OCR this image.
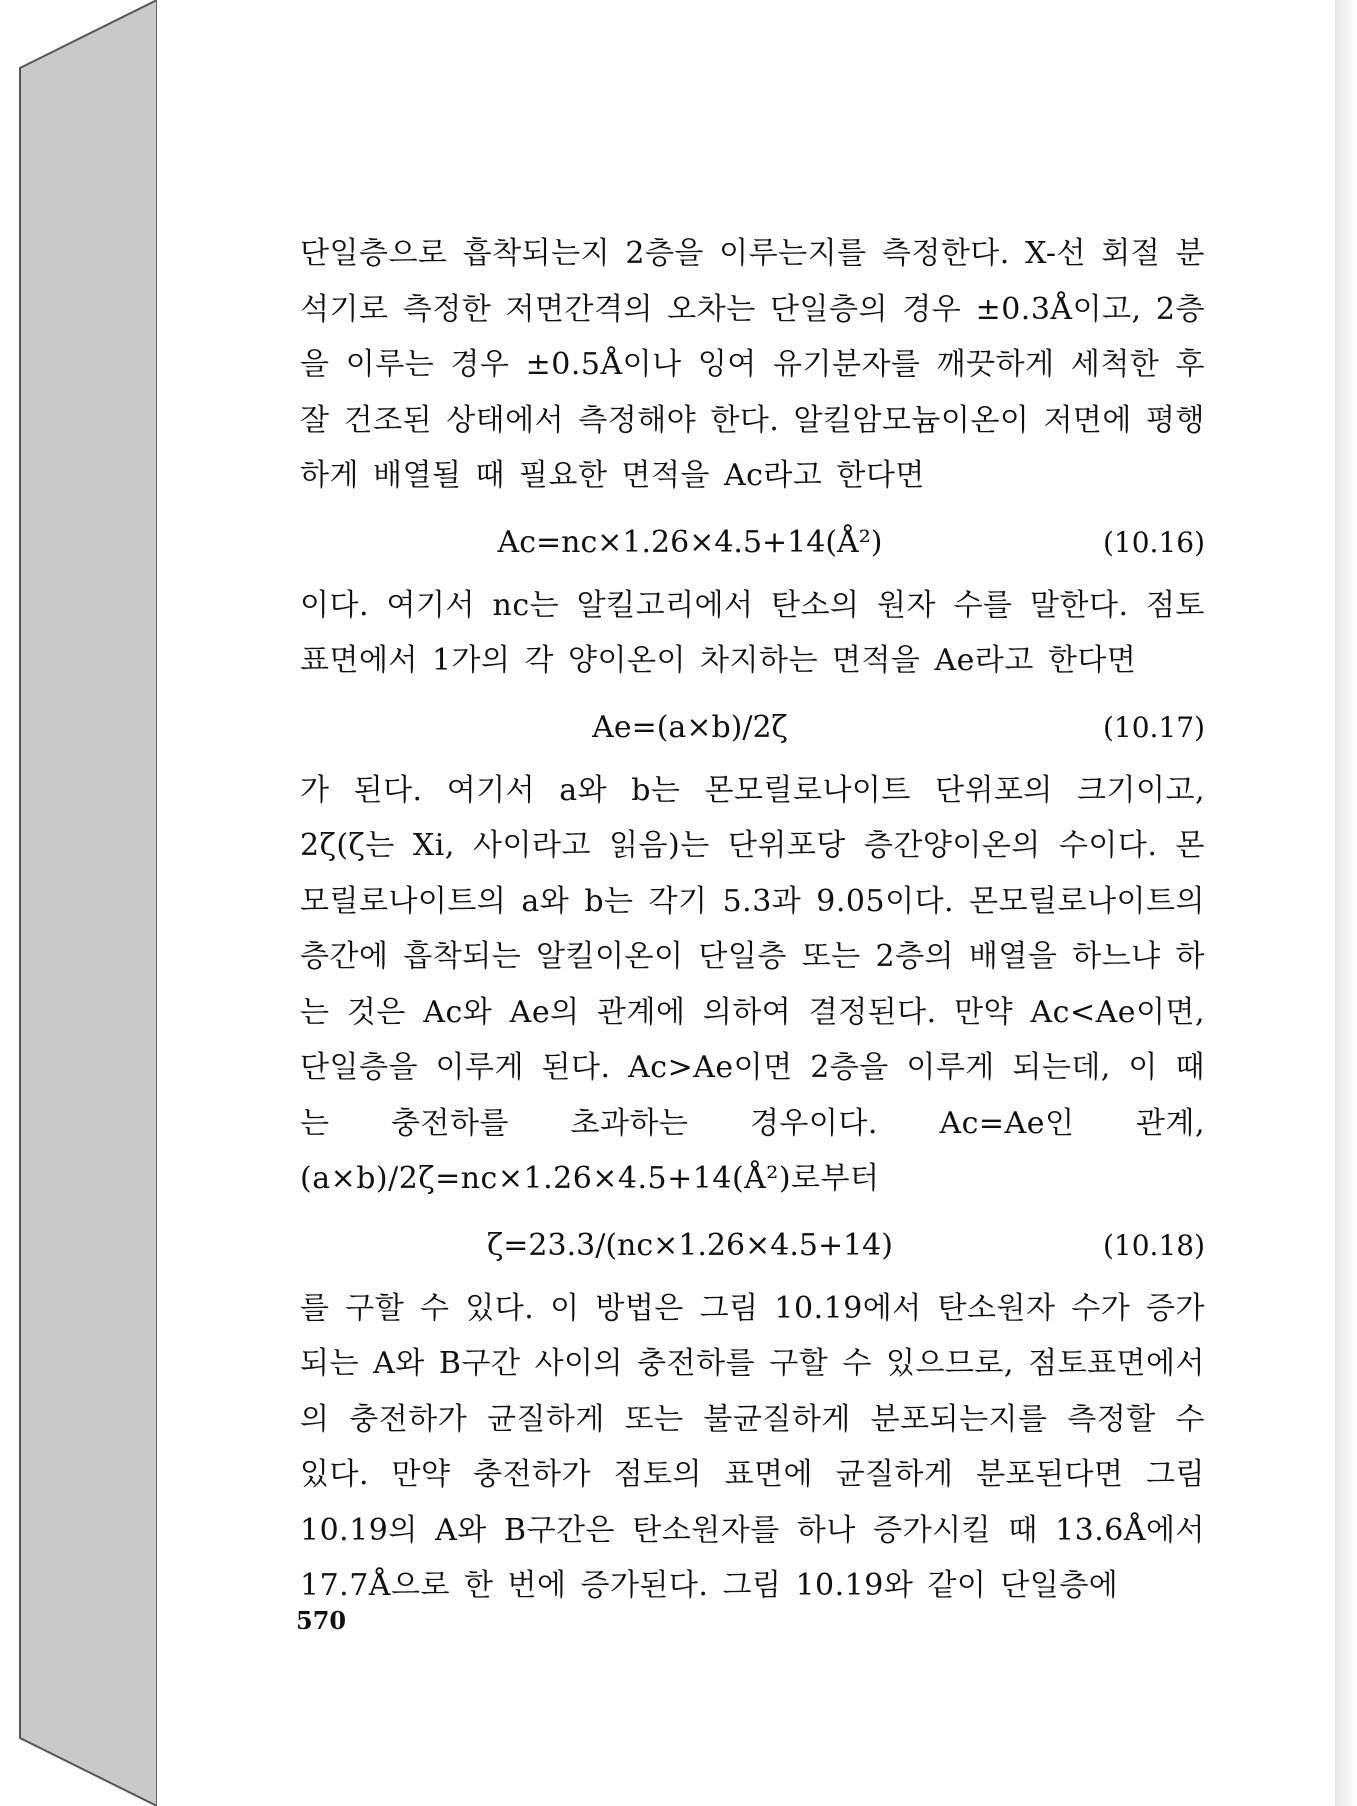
단일층으로 흡착되는지 2층을 이루는지를 측정한다. X-선 회절 분석기로 측정한 저면간격의 오차는 단일층의 경우 ±0.3Å이고, 2층을 이루는 경우 ±0.5Å이나 잉여 유기분자를 깨끗하게 세척한 후 잘 건조된 상태에서 측정해야 한다. 알킬암모늄이온이 저면에 평행하게 배열될 때 필요한 면적을 Ac라고 한다면

Ac=nc×1.26×4.5+14(Å²)	(10.16)

이다. 여기서 nc는 알킬고리에서 탄소의 원자 수를 말한다. 점토표면에서 1가의 각 양이온이 차지하는 면적을 Ae라고 한다면

Ae=(a×b)/2ζ	(10.17)

가 된다. 여기서 a와 b는 몬모릴로나이트 단위포의 크기이고, 2ζ(ζ는 Xi, 사이라고 읽음)는 단위포당 층간양이온의 수이다. 몬모릴로나이트의 a와 b는 각기 5.3과 9.05이다. 몬모릴로나이트의 층간에 흡착되는 알킬이온이 단일층 또는 2층의 배열을 하느냐 하는 것은 Ac와 Ae의 관계에 의하여 결정된다. 만약 Ac<Ae이면, 단일층을 이루게 된다. Ac>Ae이면 2층을 이루게 되는데, 이 때는 충전하를 초과하는 경우이다. Ac=Ae인 관계, (a×b)/2ζ=nc×1.26×4.5+14(Å²)로부터

ζ=23.3/(nc×1.26×4.5+14)	(10.18)

를 구할 수 있다. 이 방법은 그림 10.19에서 탄소원자 수가 증가되는 A와 B구간 사이의 충전하를 구할 수 있으므로, 점토표면에서의 충전하가 균질하게 또는 불균질하게 분포되는지를 측정할 수 있다. 만약 충전하가 점토의 표면에 균질하게 분포된다면 그림 10.19의 A와 B구간은 탄소원자를 하나 증가시킬 때 13.6Å에서 17.7Å으로 한 번에 증가된다. 그림 10.19와 같이 단일층에

570
